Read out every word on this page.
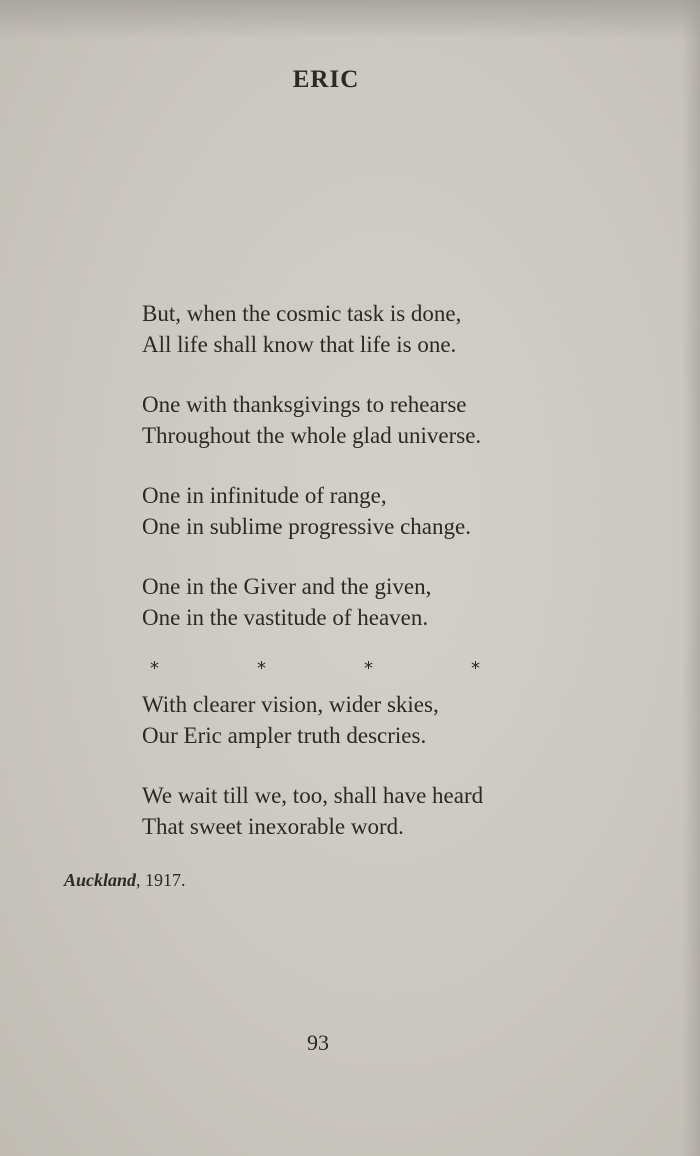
ERIC
But, when the cosmic task is done,
All life shall know that life is one.
One with thanksgivings to rehearse
Throughout the whole glad universe.
One in infinitude of range,
One in sublime progressive change.
One in the Giver and the given,
One in the vastitude of heaven.
*	*	*	*
With clearer vision, wider skies,
Our Eric ampler truth descries.
We wait till we, too, shall have heard
That sweet inexorable word.
Auckland, 1917.
93
